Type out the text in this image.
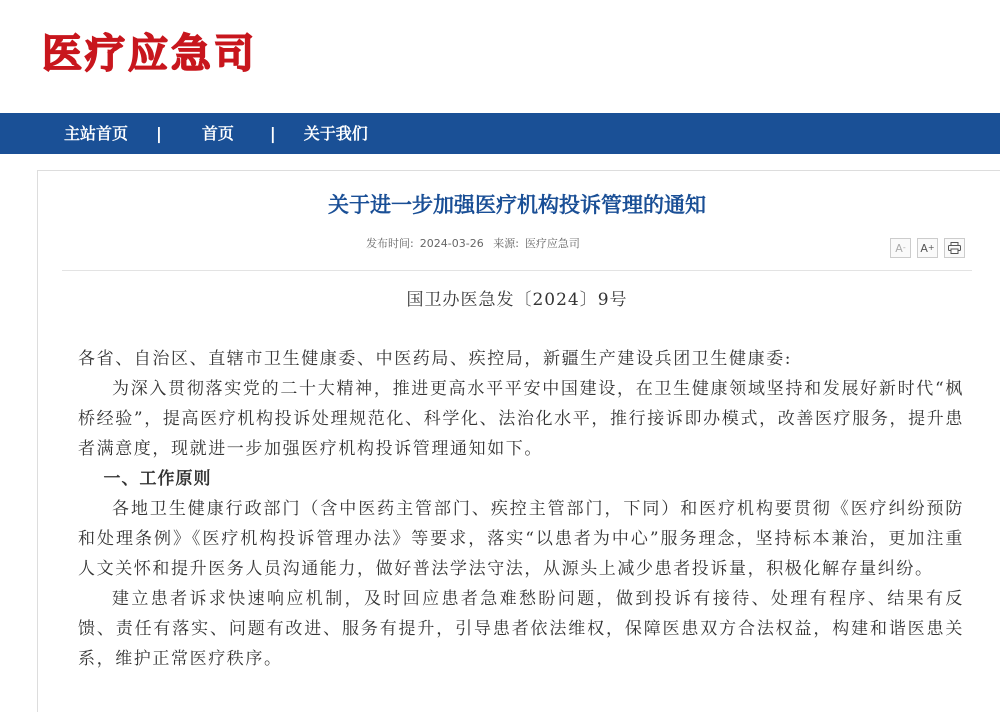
医疗应急司
主站首页 |	首页 | 关于我们
关于进一步加强医疗机构投诉管理的通知
发布时间: 2024-03-26 来源: 医疗应急司	A - A +
国卫办医急发〔2024〕9号

各省、自治区、直辖市卫生健康委、中医药局、疾控局，新疆生产建设兵团卫生健康委:

为深入贯彻落实党的二十大精神，推进更高水平平安中国建设，在卫生健康领域坚持和发展好新时代“枫桥经验”，提高医疗机构投诉处理规范化、科学化、法治化水平，推行接诉即办模式，改善医疗服务，提升患者满意度，现就进一步加强医疗机构投诉管理通知如下。

一、工作原则

各地卫生健康行政部门（含中医药主管部门、疾控主管部门，下同）和医疗机构要贯彻《医疗纠纷预防和处理条例》《医疗机构投诉管理办法》等要求，落实“以患者为中心”服务理念，坚持标本兼治，更加注重人文关怀和提升医务人员沟通能力，做好普法学法守法，从源头上减少患者投诉量，积极化解存量纠纷。

建立患者诉求快速响应机制，及时回应患者急难愁盼问题，做到投诉有接待、处理有程序、结果有反馈、责任有落实、问题有改进、服务有提升，引导患者依法维权，保障医患双方合法权益，构建和谐医患关系，维护正常医疗秩序。
